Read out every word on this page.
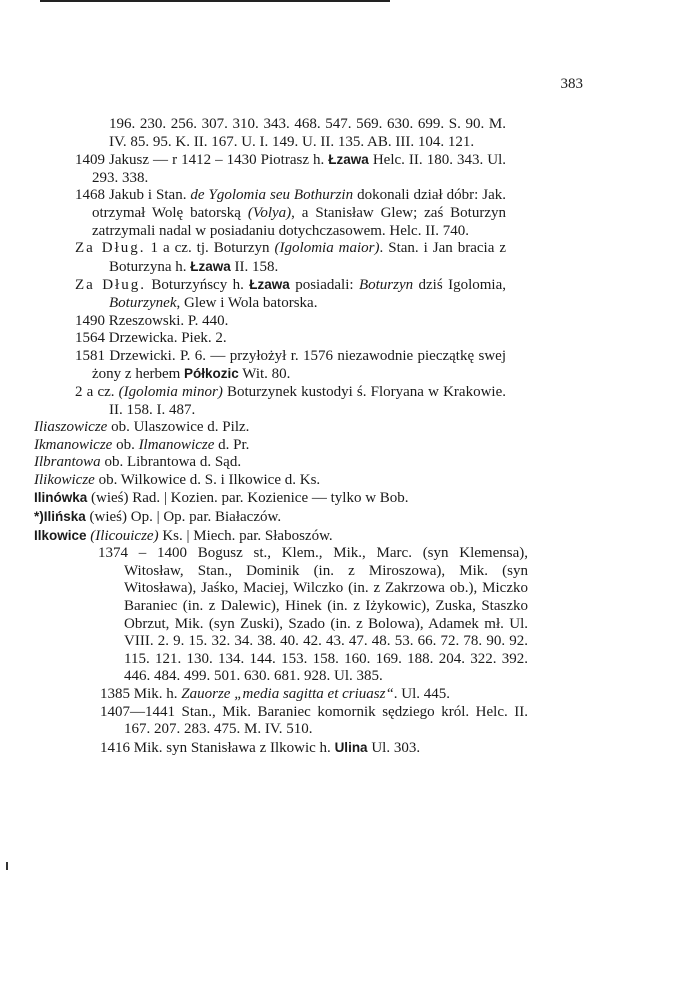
383

196. 230. 256. 307. 310. 343. 468. 547. 569. 630. 699. S. 90. M. IV. 85. 95. K. II. 167. U. I. 149. U. II. 135. AB. III. 104. 121.

1409 Jakusz — r 1412 – 1430 Piotrasz h. Łzawa Helc. II. 180. 343. Ul. 293. 338.

1468 Jakub i Stan. de Ygolomia seu Bothurzin dokonali dział dóbr: Jak. otrzymał Wolę batorską (Volya), a Stanisław Glew; zaś Boturzyn zatrzymali nadal w posiadaniu dotychczasowem. Helc. II. 740.

Za Dług. 1 a cz. tj. Boturzyn (Igolomia maior). Stan. i Jan bracia z Boturzyna h. Łzawa II. 158.

Za Dług. Boturzyńscy h. Łzawa posiadali: Boturzyn dziś Igolomia, Boturzynek, Glew i Wola batorska.

1490 Rzeszowski. P. 440.

1564 Drzewicka. Piek. 2.

1581 Drzewicki. P. 6. — przyłożył r. 1576 niezawodnie pieczątkę swej żony z herbem Półkozic Wit. 80.

2 a cz. (Igolomia minor) Boturzynek kustodyi ś. Floryana w Krakowie. II. 158. I. 487.

Iliaszowicze ob. Ulaszowice d. Pilz.

Ikmanowicze ob. Ilmanowicze d. Pr.

Ilbrantowa ob. Librantowa d. Sąd.

Ilikowicze ob. Wilkowice d. S. i Ilkowice d. Ks.

Ilinówka (wieś) Rad. | Kozien. par. Kozienice — tylko w Bob.

*)Ilińska (wieś) Op. | Op. par. Białaczów.

Ilkowice (Ilicouicze) Ks. | Miech. par. Słaboszów.

1374 – 1400 Bogusz st., Klem., Mik., Marc. (syn Klemensa), Witosław, Stan., Dominik (in. z Miroszowa), Mik. (syn Witosława), Jaśko, Maciej, Wilczko (in. z Zakrzowa ob.), Miczko Baraniec (in. z Dalewic), Hinek (in. z Iżykowic), Zuska, Staszko Obrzut, Mik. (syn Zuski), Szado (in. z Bolowa), Adamek mł. Ul. VIII. 2. 9. 15. 32. 34. 38. 40. 42. 43. 47. 48. 53. 66. 72. 78. 90. 92. 115. 121. 130. 134. 144. 153. 158. 160. 169. 188. 204. 322. 392. 446. 484. 499. 501. 630. 681. 928. Ul. 385.

1385 Mik. h. Zauorze „media sagitta et criuasz“. Ul. 445.

1407—1441 Stan., Mik. Baraniec komornik sędziego król. Helc. II. 167. 207. 283. 475. M. IV. 510.

1416 Mik. syn Stanisława z Ilkowic h. Ulina Ul. 303.
